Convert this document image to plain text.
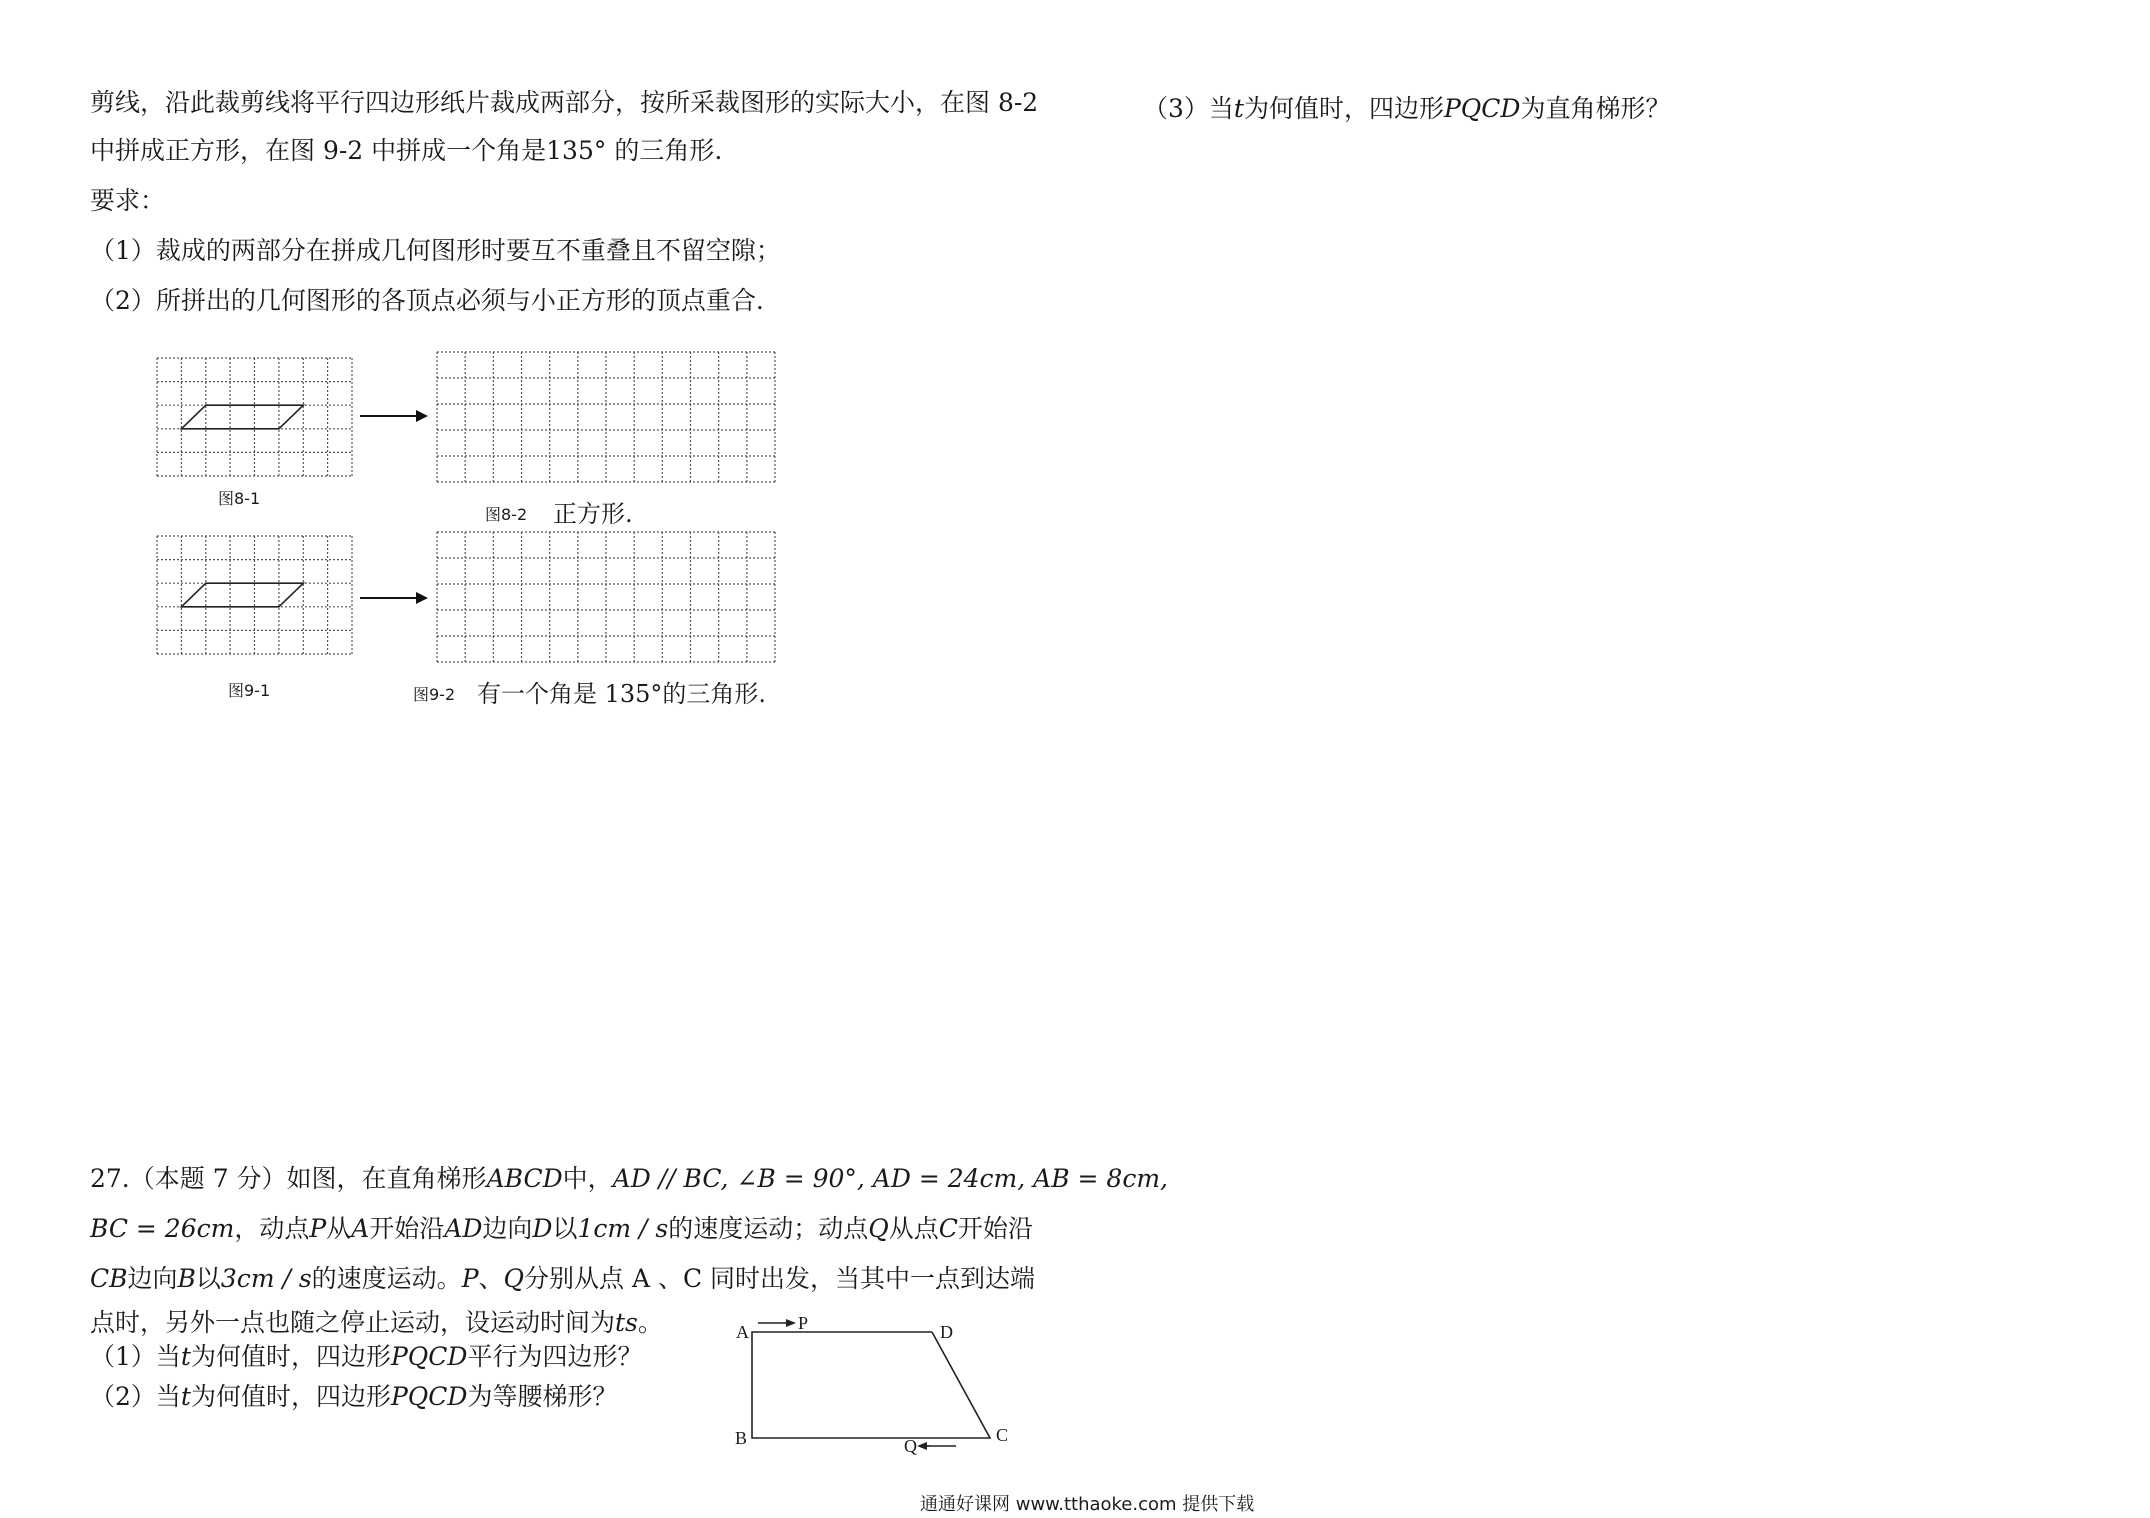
剪线，沿此裁剪线将平行四边形纸片裁成两部分，按所采裁图形的实际大小，在图 8-2
中拼成正方形，在图 9-2 中拼成一个角是135° 的三角形.
要求：
（1）裁成的两部分在拼成几何图形时要互不重叠且不留空隙；
（2）所拼出的几何图形的各顶点必须与小正方形的顶点重合.
图8-1
图8-2 正方形.
图9-1	图9-2 有一个角是 135°的三角形.
27.（本题 7 分）如图，在直角梯形ABCD中，AD // BC, ∠B = 90°, AD = 24cm, AB = 8cm,
BC = 26cm，动点P从A开始沿AD边向D以1cm / s的速度运动；动点Q从点C开始沿
CB边向B以3cm / s的速度运动。P、Q分别从点 A 、C 同时出发，当其中一点到达端
点时，另外一点也随之停止运动，设运动时间为ts。
（1）当t为何值时，四边形PQCD平行为四边形？
（2）当t为何值时，四边形PQCD为等腰梯形？
（3）当t为何值时，四边形PQCD为直角梯形？
A	P	D
B	Q
C
通通好课网 www.tthaoke.com 提供下载
